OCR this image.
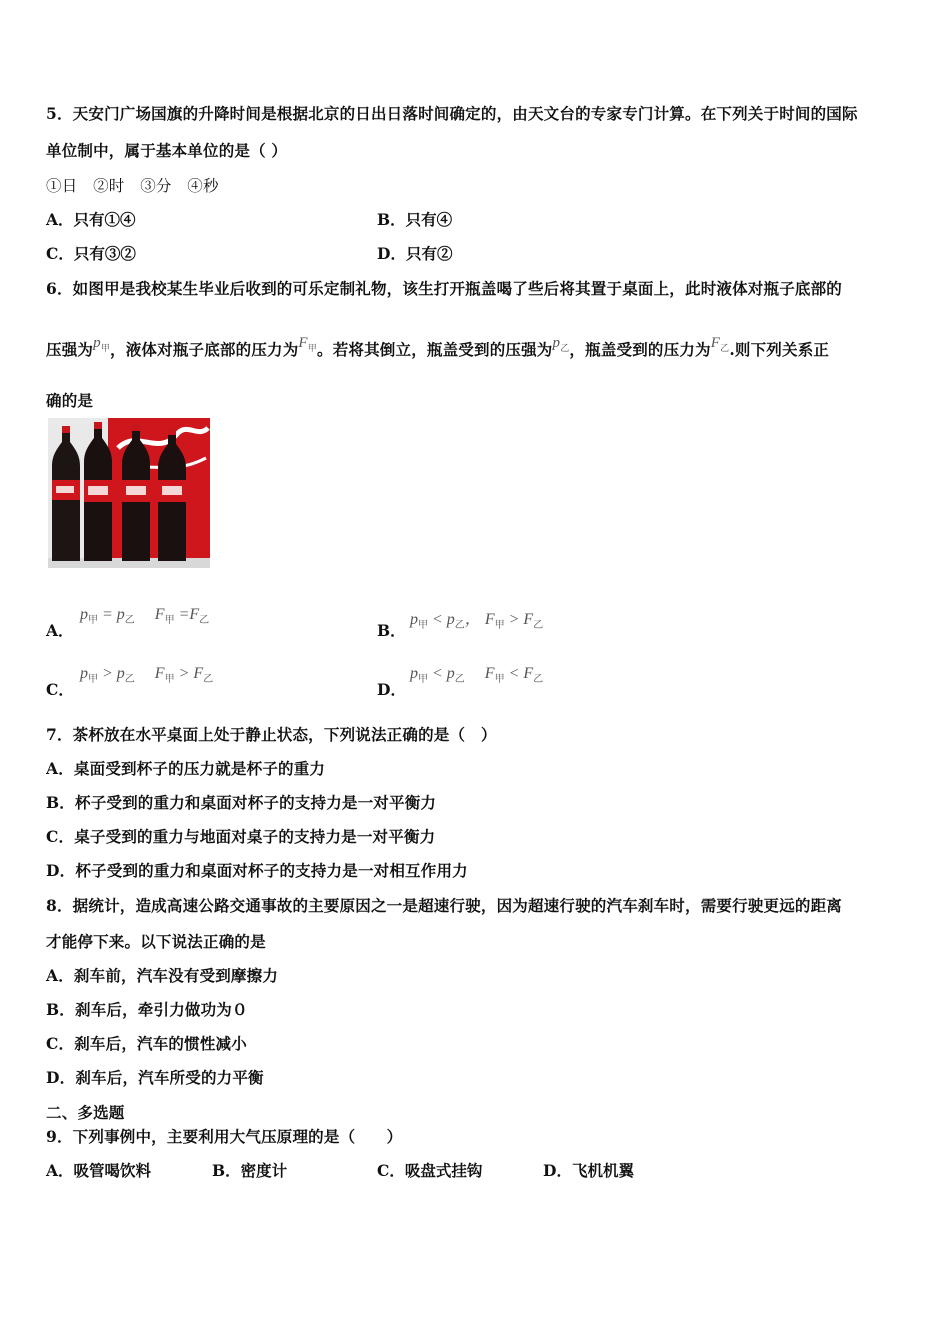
5．天安门广场国旗的升降时间是根据北京的日出日落时间确定的，由天文台的专家专门计算。在下列关于时间的国际
单位制中，属于基本单位的是（ ）
①日　②时　③分　④秒
A．只有①④	B．只有④
C．只有③②	D．只有②
6．如图甲是我校某生毕业后收到的可乐定制礼物，该生打开瓶盖喝了些后将其置于桌面上，此时液体对瓶子底部的
压强为$p_甲$，液体对瓶子底部的压力为$F_甲$。若将其倒立，瓶盖受到的压强为$p_乙$，瓶盖受到的压力为$F_乙$.则下列关系正
确的是
A．
$p_甲 = p_乙$     $F_甲 =F_乙$
B．
$p_甲 < p_乙$， $F_甲 > F_乙$
C．
$p_甲 > p_乙$     $F_甲 > F_乙$
D．
$p_甲 < p_乙$     $F_甲 < F_乙$
7．茶杯放在水平桌面上处于静止状态，下列说法正确的是（　）
A．桌面受到杯子的压力就是杯子的重力
B．杯子受到的重力和桌面对杯子的支持力是一对平衡力
C．桌子受到的重力与地面对桌子的支持力是一对平衡力
D．杯子受到的重力和桌面对杯子的支持力是一对相互作用力
8．据统计，造成高速公路交通事故的主要原因之一是超速行驶，因为超速行驶的汽车刹车时，需要行驶更远的距离
才能停下来。以下说法正确的是
A．刹车前，汽车没有受到摩擦力
B．刹车后，牵引力做功为０
C．刹车后，汽车的惯性减小
D．刹车后，汽车所受的力平衡
二、多选题
9．下列事例中，主要利用大气压原理的是（　　）
A．吸管喝饮料	B．密度计	C．吸盘式挂钩	D．飞机机翼
